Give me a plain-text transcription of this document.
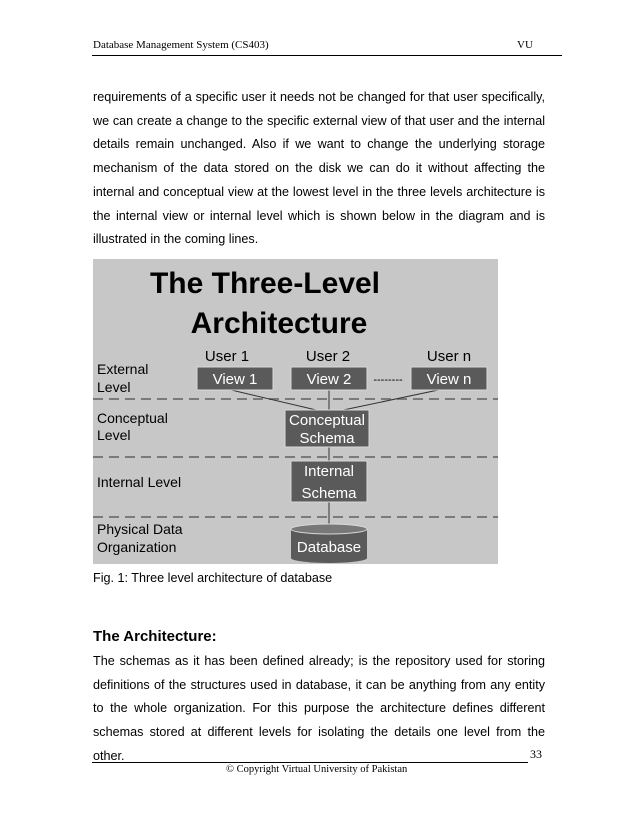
Database Management System (CS403)	VU

requirements of a specific user it needs not be changed for that user specifically, we can create a change to the specific external view of that user and the internal details remain unchanged. Also if we want to change the underlying storage mechanism of the data stored on the disk we can do it without affecting the internal and conceptual view at the lowest level in the three levels architecture is the internal view or internal level which is shown below in the diagram and is illustrated in the coming lines.

The Three-Level
Architecture
External
Level
Conceptual
Level
Internal Level
Physical Data
Organization
User 1	User 2	User n
View 1	View 2 -------- View n
Conceptual
Schema
Internal
Schema
Database
Fig. 1: Three level architecture of database
The Architecture:

The schemas as it has been defined already; is the repository used for storing definitions of the structures used in database, it can be anything from any entity to the whole organization. For this purpose the architecture defines different schemas stored at different levels for isolating the details one level from the other.	33
© Copyright Virtual University of Pakistan
